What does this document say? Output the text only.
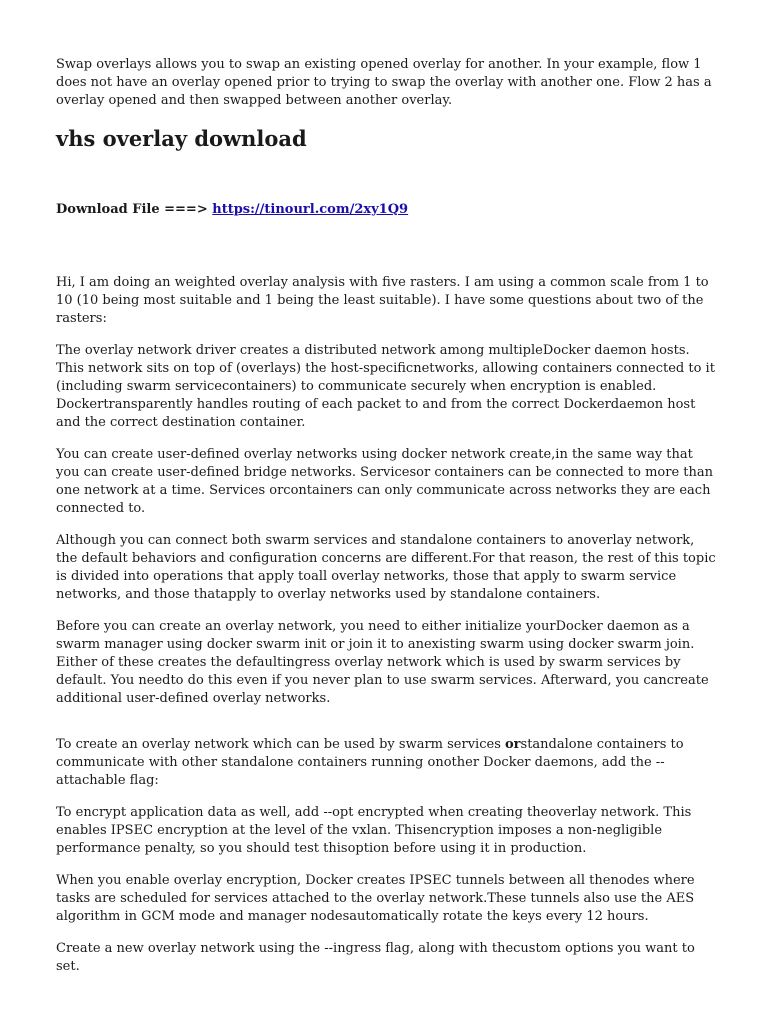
Swap overlays allows you to swap an existing opened overlay for another. In your example, flow 1 does not have an overlay opened prior to trying to swap the overlay with another one. Flow 2 has a overlay opened and then swapped between another overlay.

vhs overlay download
Download File ===> https://tinourl.com/2xy1Q9

Hi, I am doing an weighted overlay analysis with five rasters. I am using a common scale from 1 to 10 (10 being most suitable and 1 being the least suitable). I have some questions about two of the rasters:

The overlay network driver creates a distributed network among multipleDocker daemon hosts. This network sits on top of (overlays) the host-specificnetworks, allowing containers connected to it (including swarm servicecontainers) to communicate securely when encryption is enabled. Dockertransparently handles routing of each packet to and from the correct Dockerdaemon host and the correct destination container.

You can create user-defined overlay networks using docker network create,in the same way that you can create user-defined bridge networks. Servicesor containers can be connected to more than one network at a time. Services orcontainers can only communicate across networks they are each connected to.

Although you can connect both swarm services and standalone containers to anoverlay network, the default behaviors and configuration concerns are different.For that reason, the rest of this topic is divided into operations that apply toall overlay networks, those that apply to swarm service networks, and those thatapply to overlay networks used by standalone containers.

Before you can create an overlay network, you need to either initialize yourDocker daemon as a swarm manager using docker swarm init or join it to anexisting swarm using docker swarm join. Either of these creates the defaultingress overlay network which is used by swarm services by default. You needto do this even if you never plan to use swarm services. Afterward, you cancreate additional user-defined overlay networks.

To create an overlay network which can be used by swarm services orstandalone containers to communicate with other standalone containers running onother Docker daemons, add the --attachable flag:

To encrypt application data as well, add --opt encrypted when creating theoverlay network. This enables IPSEC encryption at the level of the vxlan. Thisencryption imposes a non-negligible performance penalty, so you should test thisoption before using it in production.

When you enable overlay encryption, Docker creates IPSEC tunnels between all thenodes where tasks are scheduled for services attached to the overlay network.These tunnels also use the AES algorithm in GCM mode and manager nodesautomatically rotate the keys every 12 hours.

Create a new overlay network using the --ingress flag, along with thecustom options you want to set.
